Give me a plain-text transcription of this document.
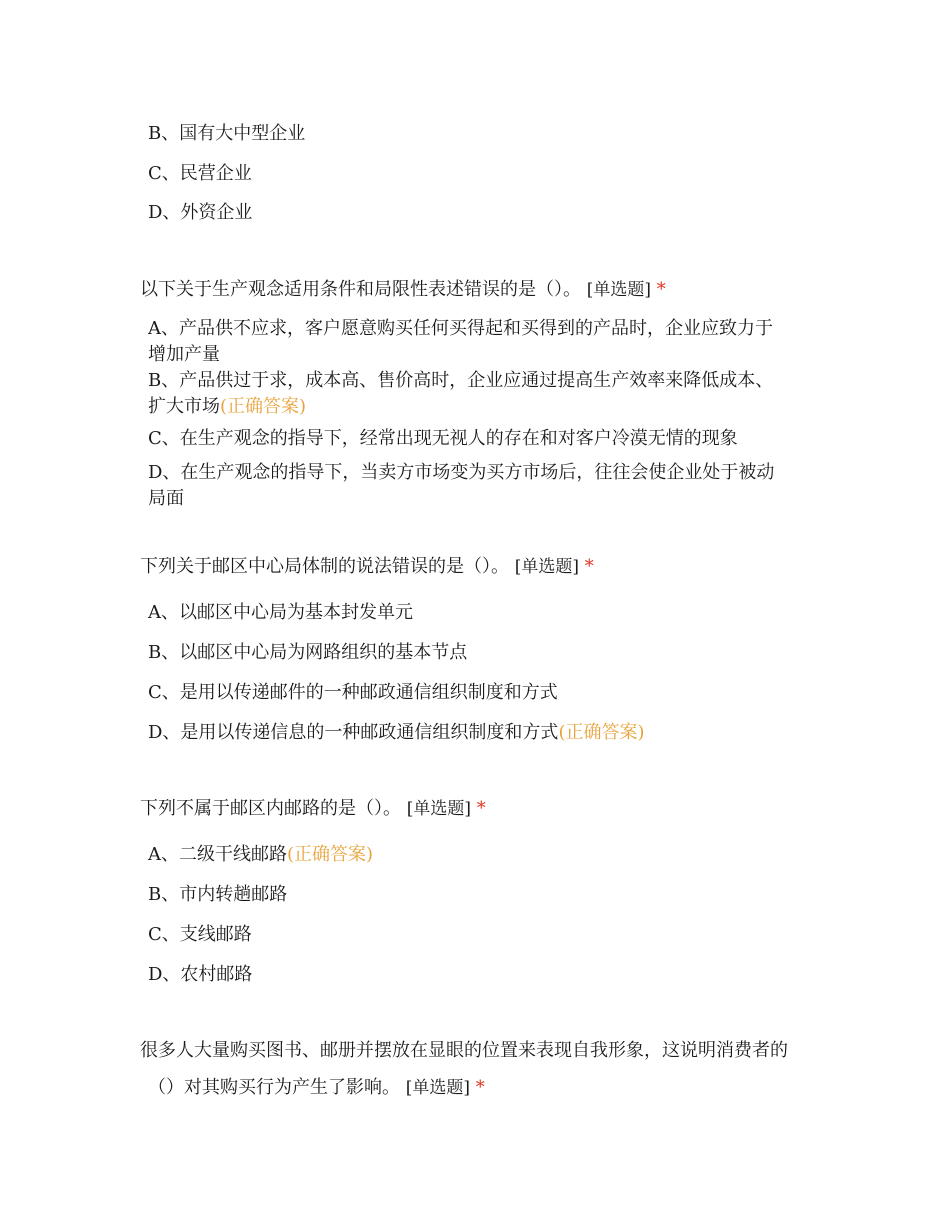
B、国有大中型企业
C、民营企业
D、外资企业
以下关于生产观念适用条件和局限性表述错误的是（）。 [单选题] *
A、产品供不应求，客户愿意购买任何买得起和买得到的产品时，企业应致力于
增加产量
B、产品供过于求，成本高、售价高时，企业应通过提高生产效率来降低成本、
扩大市场(正确答案)
C、在生产观念的指导下，经常出现无视人的存在和对客户冷漠无情的现象
D、在生产观念的指导下，当卖方市场变为买方市场后，往往会使企业处于被动
局面
下列关于邮区中心局体制的说法错误的是（）。 [单选题] *
A、以邮区中心局为基本封发单元
B、以邮区中心局为网路组织的基本节点
C、是用以传递邮件的一种邮政通信组织制度和方式
D、是用以传递信息的一种邮政通信组织制度和方式(正确答案)
下列不属于邮区内邮路的是（）。 [单选题] *
A、二级干线邮路(正确答案)
B、市内转趟邮路
C、支线邮路
D、农村邮路
很多人大量购买图书、邮册并摆放在显眼的位置来表现自我形象，这说明消费者的
（）对其购买行为产生了影响。 [单选题] *
